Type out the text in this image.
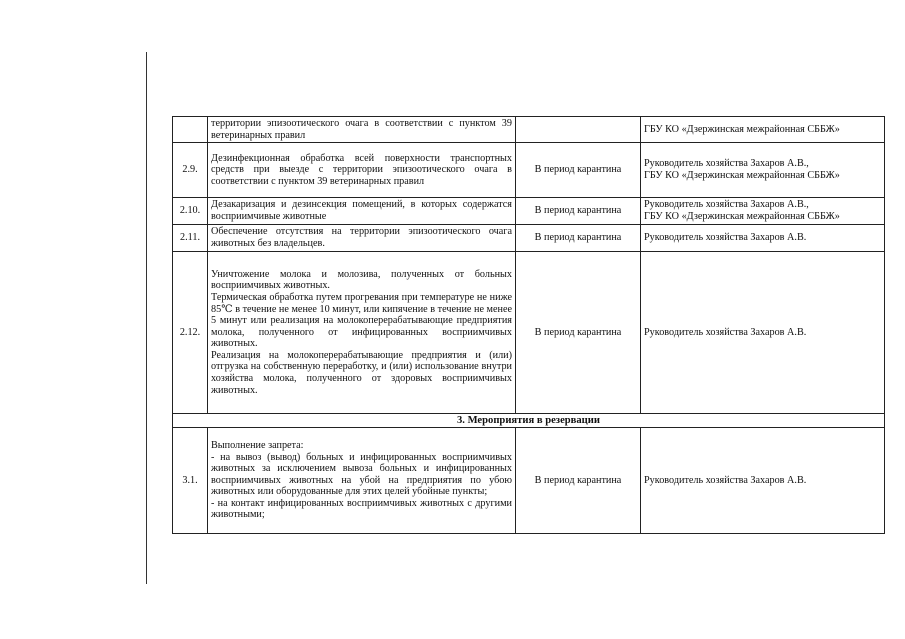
	территории эпизоотического очага в соответствии с пунктом 39 ветеринарных правил		ГБУ КО «Дзержинская межрайонная СББЖ»

2.9.	Дезинфекционная обработка всей поверхности транспортных средств при выезде с территории эпизоотического очага в соответствии с пунктом 39 ветеринарных правил	В период карантина	Руководитель хозяйства Захаров А.В.,
ГБУ КО «Дзержинская межрайонная СББЖ»

2.10.	Дезакаризация и дезинсекция помещений, в которых содержатся восприимчивые животные	В период карантина	Руководитель хозяйства Захаров А.В.,
ГБУ КО «Дзержинская межрайонная СББЖ»

2.11.	Обеспечение отсутствия на территории эпизоотического очага животных без владельцев.	В период карантина	Руководитель хозяйства Захаров А.В.

2.12.	Уничтожение молока и молозива, полученных от больных восприимчивых животных.

Термическая обработка путем прогревания при температуре не ниже 85℃ в течение не менее 10 минут, или кипячение в течение не менее 5 минут или реализация на молокоперерабатывающие предприятия молока, полученного от инфицированных восприимчивых животных.

Реализация на молокоперерабатывающие предприятия и (или) отгрузка на собственную переработку, и (или) использование внутри хозяйства молока, полученного от здоровых восприимчивых животных.	В период карантина	Руководитель хозяйства Захаров А.В.

3. Мероприятия в резервации			
3.1.	Выполнение запрета:

- на вывоз (вывод) больных и инфицированных восприимчивых животных за исключением вывоза больных и инфицированных восприимчивых животных на убой на предприятия по убою животных или оборудованные для этих целей убойные пункты;

- на контакт инфицированных восприимчивых животных с другими животными;	В период карантина	Руководитель хозяйства Захаров А.В.
